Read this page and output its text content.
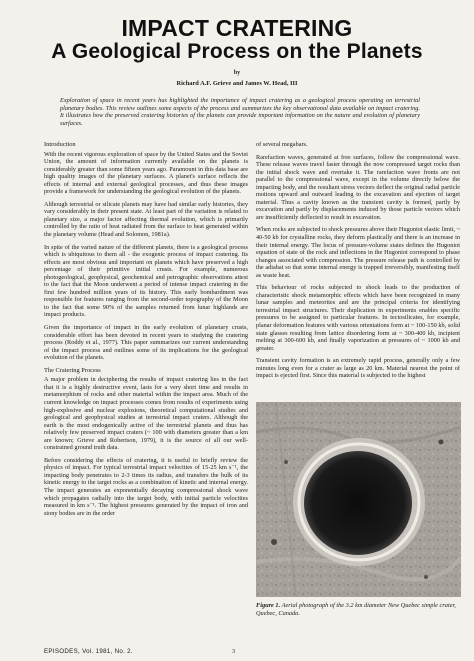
IMPACT CRATERING
A Geological Process on the Planets
by
Richard A.F. Grieve and James W. Head, III
Exploration of space in recent years has highlighted the importance of impact cratering as a geological process operating on terrestrial planetary bodies. This review outlines some aspects of the process and summarizes the key observational data available on impact cratering. It illustrates how the preserved cratering histories of the planets can provide important information on the nature and evolution of planetary surfaces.
Introduction

With the recent vigorous exploration of space by the United States and the Soviet Union, the amount of information currently available on the planets is considerably greater than some fifteen years ago. Paramount in this data base are high quality images of the planetary surfaces. A planet's surface reflects the effects of internal and external geological processes, and thus these images provide a framework for understanding the geological evolution of the planets.

Although terrestrial or silicate planets may have had similar early histories, they vary considerably in their present state. At least part of the variation is related to planetary size, a major factor affecting thermal evolution, which is primarily controlled by the ratio of heat radiated from the surface to heat generated within the planetary volume (Head and Solomon, 1981a).

In spite of the varied nature of the different planets, there is a geological process which is ubiquitous to them all - the exogenic process of impact cratering. Its effects are most obvious and important on planets which have preserved a high percentage of their primitive initial crusts. For example, numerous photogeological, geophysical, geochemical and petrographic observations attest to the fact that the Moon underwent a period of intense impact cratering in the first few hundred million years of its history. This early bombardment was responsible for features ranging from the second-order topography of the Moon to the fact that some 90% of the samples returned from lunar highlands are impact products.

Given the importance of impact in the early evolution of planetary crusts, considerable effort has been devoted in recent years to studying the cratering process (Roddy et al., 1977). This paper summarizes our current understanding of the impact process and outlines some of its implications for the geological evolution of the planets.

The Cratering Process

A major problem in deciphering the results of impact cratering lies in the fact that it is a highly destructive event, lasts for a very short time and results in metamorphism of rocks and other material within the impact area. Much of the current knowledge on impact processes comes from results of experiments using high-explosive and nuclear explosions, theoretical computational studies and geological and geophysical studies at terrestrial impact craters. Although the earth is the most endogenically active of the terrestrial planets and thus has relatively few preserved impact craters (~ 100 with diameters greater than a km are known; Grieve and Robertson, 1979), it is the source of all our well-constrained ground truth data.

Before considering the effects of cratering, it is useful to briefly review the physics of impact. For typical terrestrial impact velocities of 15-25 km s⁻¹, the impacting body penetrates to 2-3 times its radius, and transfers the bulk of its kinetic energy to the target rocks as a combination of kinetic and internal energy. The impact generates an exponentially decaying compressional shock wave which propagates radially into the target body, with initial particle velocities measured in km s⁻¹. The highest pressures generated by the impact of iron and stony bodies are in the order

of several megabars.

Rarefaction waves, generated at free surfaces, follow the compressional wave. These release waves travel faster through the now compressed target rocks than the initial shock wave and overtake it. The rarefaction wave fronts are not parallel to the compressional wave, except in the volume directly below the impacting body, and the resultant stress vectors deflect the original radial particle motions upward and outward leading to the excavation and ejection of target material. Thus a cavity known as the transient cavity is formed, partly by excavation and partly by displacements induced by those particle vectors which are insufficiently deflected to result in excavation.

When rocks are subjected to shock pressures above their Hugoniot elastic limit, ~ 40-50 kb for crystalline rocks, they deform plastically and there is an increase in their internal energy. The locus of pressure-volume states defines the Hugoniot equation of state of the rock and inflections in the Hugoniot correspond to phase changes associated with compression. The pressure release path is controlled by the adiabat so that some internal energy is trapped irreversibly, manifesting itself as waste heat.

This behaviour of rocks subjected to shock leads to the production of characteristic shock metamorphic effects which have been recognized in many lunar samples and meteorites and are the principal criteria for identifying terrestrial impact structures. Their duplication in experiments enables specific pressures to be assigned to particular features. In tectosilicates, for example, planar deformation features with various orientations form at ~ 100-150 kb, solid state glasses resulting from lattice disordering form at ~ 300-400 kb, incipient melting at 300-600 kb, and finally vaporization at pressures of ~ 1000 kb and greater.

Transient cavity formation is an extremely rapid process, generally only a few minutes long even for a crater as large as 20 km. Material nearest the point of impact is ejected first. Since this material is subjected to the highest

Figure 1. Aerial photograph of the 3.2 km diameter New Quebec simple crater, Quebec, Canada.
EPISODES, Vol. 1981, No. 2.	3
